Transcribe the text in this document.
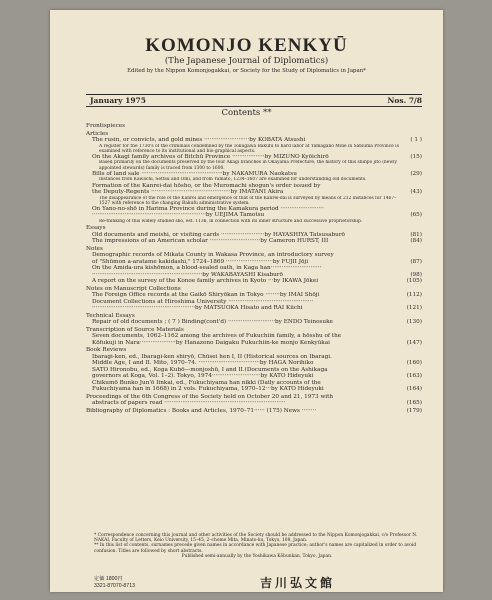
KOMONJO KENKYŪ
(The Japanese Journal of Diplomatics)
Edited by the Nippon Komonjogakkai, or Society for the Study of Diplomatics in Japan*
January 1975	Nos. 7/8
Contents **
Frontispieces
Articles
The rusin, or convicts, and gold mines ·························by KOBATA Atsushi	( 1 )
A register for the 1730's of the criminals condemned by the Tokugawa Bakufu to hard labor at Yamagano Mine in Satsuma Province is examined with reference to its institutional and bio-graphical aspects.
On the Akagi family archives of Bitchū Province ··················by MIZUNO Kyōichirō	(15)
Based primarily on the documents preserved by the four Akagi branches in Okayama Prefecture, the history of this shinpo jitō (newly appointed stewards) family is traced from 1300 to 1600.
Bills of land sale ·············································by NAKAMURA Naokatsu	(29)
Instances from Kawachi, Settsu and Ōmi, and from Yamato, 1234–1607 are examined for understanding old documents.
Formation of the Kanrei-dai hōsho, or the Muromachi shogun's order issued by
the Deputy-Regents ············································by IMATANI Akira	(43)
The disappearance of the role of the Kanrei and emergence of that of the Kanrei-dai is surveyed by means of 212 instances for 1467–1527 with reference to the changing Bakufu administrative system.
On Yano-no-shō in Harima Province during the Kamakura period ························
·······························································by UEJIMA Tamotsu	(65)
Re-thinking of this widely studied shō, est. 1136, in connection with its inner structure and successive proprietorship.
Essays
Old documents and meishi, or visiting cards ························by HAYASHIYA Tatsusaburō	(81)
The impressions of an American scholar ····························by Cameron HURST, III	(84)
Notes
Demographic records of Mikata County in Wakasa Province, an introductory survey
of "Shūmon a-aratame kakidashi," 1724–1869 ··························by FUJII Jōji	(87)
On the Amida-ura kishōmon, a blood-sealed oath, in Kaga han····························
·····························································by WAKABAYASHI Kisaburō	(98)
A report on the survey of the Konoe family archives in Kyoto ···by IKAWA Jōkei	(105)
Notes on Manuscript Collections
The Foreign Office records at the Gaikō Shiryōkan in Tokyo ········by IMAI Shōji	(112)
Document Collections at Hiroshima University ···············································
·························································by MATSUOKA Hisato and RAI Kiichi	(121)
Technical Essays
Repair of old documents ; ( 7 ) Binding(cont'd) ··························by ENDŌ Teinosuke	(130)
Transcription of Source Materials
Seven documents, 1062–1162 among the archives of Fukuchiin family, a hōsshu of the
Kōfukuji in Nara····················by Hanazono Daigaku Fukuchiin-ke monjo Kenkyūkai	(147)
Book Reviews
Ibaragi-ken, ed., Ibaragi-ken shiryō, Chūsei hen I, II (Historical sources on Ibaragi.
Middle Age, I and II. Mito, 1970–74. ··································by HAGA Norihiko	(160)
SATŌ Hironobu, ed., Koga Kubō—monjoshū, I and II.(Documents on the Ashikaga
governors at Koga, Vol. 1–2). Tokyo, 1974···························by KATŌ Hideyuki	(163)
Chikumō Bunko Jun'ō Iinkai, ed., Fukuchiyama han nikki (Daily accounts of the
Fukuchiyama han in 1668) in 2 vols. Fukuchiyama, 1970–12···by KATŌ Hideyuki	(164)
Proceedings of the 6th Congress of the Society held on October 20 and 21, 1973 with
abstracts of papers read ···································································	(165)
Bibliography of Diplomatics : Books and Articles, 1970–71······ (175) News ········	(179)
* Correspondence concerning this journal and other activities of the Society should be addressed to the Nippon Komonjogakkai, c/o Professor N. NAKAI, Faculty of Letters, Keio University, 15–45, 2–chome Mita, Minato-ku, Tokyo, 108, Japan.
** In this list of contents, surnames precede given names in accordance with Japanese practice; author's names are capitalized in order to avoid confusion. Titles are followed by short abstracts.
Published semi-annually by the Yoshikawa Kōbunkan, Tokyo, Japan.
定価 1800円
3321-87070-8713	吉川弘文館
